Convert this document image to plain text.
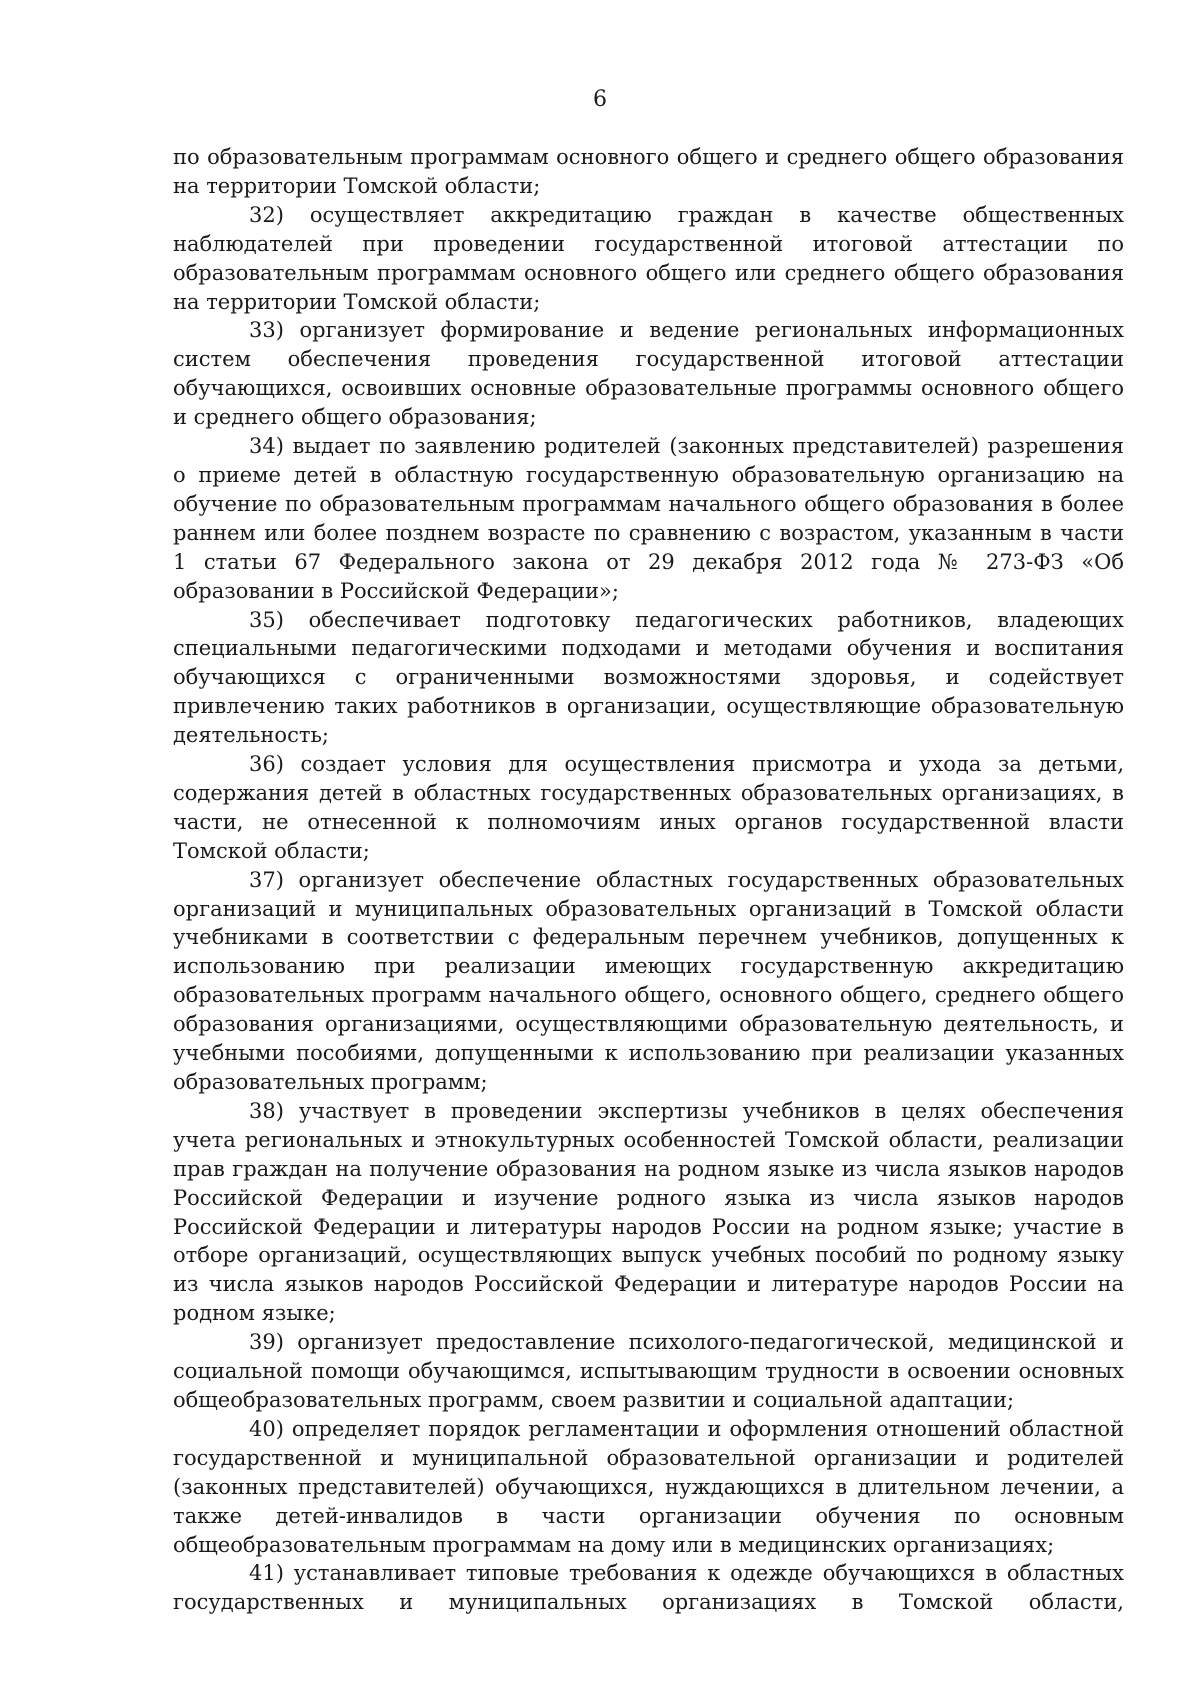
6

по образовательным программам основного общего и среднего общего образования на территории Томской области;

32) осуществляет аккредитацию граждан в качестве общественных наблюдателей при проведении государственной итоговой аттестации по образовательным программам основного общего или среднего общего образования на территории Томской области;

33) организует формирование и ведение региональных информационных систем обеспечения проведения государственной итоговой аттестации обучающихся, освоивших основные образовательные программы основного общего и среднего общего образования;

34) выдает по заявлению родителей (законных представителей) разрешения о приеме детей в областную государственную образовательную организацию на обучение по образовательным программам начального общего образования в более раннем или более позднем возрасте по сравнению с возрастом, указанным в части 1 статьи 67 Федерального закона от 29 декабря 2012 года № 273-ФЗ «Об образовании в Российской Федерации»;

35) обеспечивает подготовку педагогических работников, владеющих специальными педагогическими подходами и методами обучения и воспитания обучающихся с ограниченными возможностями здоровья, и содействует привлечению таких работников в организации, осуществляющие образовательную деятельность;

36) создает условия для осуществления присмотра и ухода за детьми, содержания детей в областных государственных образовательных организациях, в части, не отнесенной к полномочиям иных органов государственной власти Томской области;

37) организует обеспечение областных государственных образовательных организаций и муниципальных образовательных организаций в Томской области учебниками в соответствии с федеральным перечнем учебников, допущенных к использованию при реализации имеющих государственную аккредитацию образовательных программ начального общего, основного общего, среднего общего образования организациями, осуществляющими образовательную деятельность, и учебными пособиями, допущенными к использованию при реализации указанных образовательных программ;

38) участвует в проведении экспертизы учебников в целях обеспечения учета региональных и этнокультурных особенностей Томской области, реализации прав граждан на получение образования на родном языке из числа языков народов Российской Федерации и изучение родного языка из числа языков народов Российской Федерации и литературы народов России на родном языке; участие в отборе организаций, осуществляющих выпуск учебных пособий по родному языку из числа языков народов Российской Федерации и литературе народов России на родном языке;

39) организует предоставление психолого-педагогической, медицинской и социальной помощи обучающимся, испытывающим трудности в освоении основных общеобразовательных программ, своем развитии и социальной адаптации;

40) определяет порядок регламентации и оформления отношений областной государственной и муниципальной образовательной организации и родителей (законных представителей) обучающихся, нуждающихся в длительном лечении, а также детей-инвалидов в части организации обучения по основным общеобразовательным программам на дому или в медицинских организациях;

41) устанавливает типовые требования к одежде обучающихся в областных государственных и муниципальных организациях в Томской области,
